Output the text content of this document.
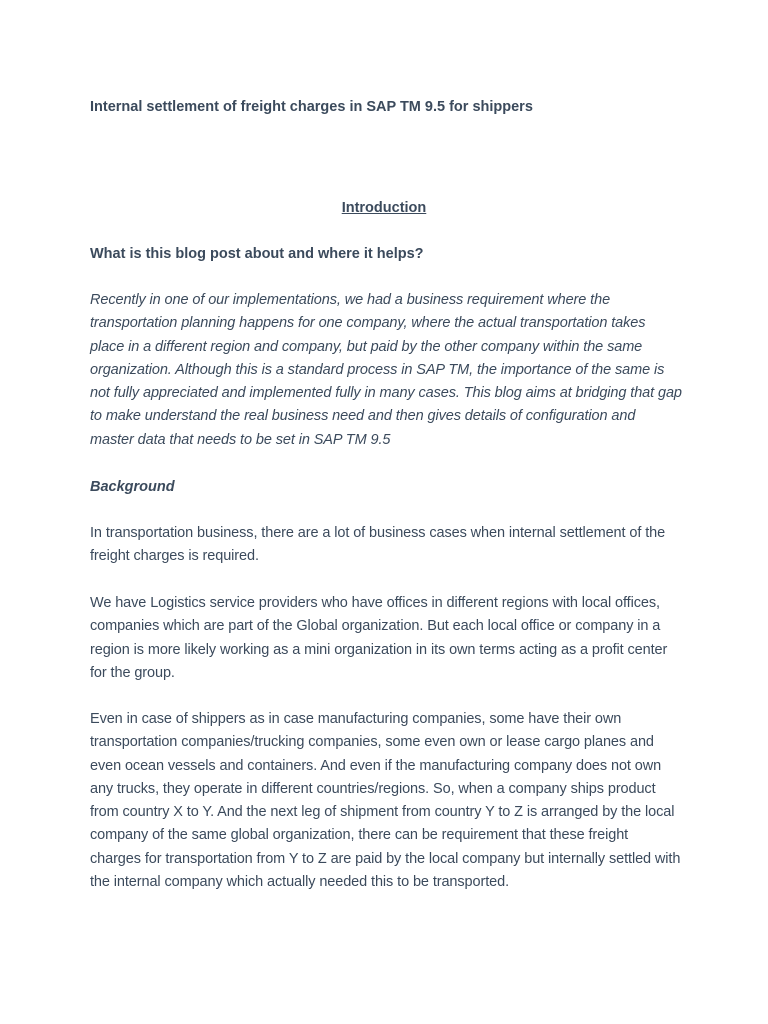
Internal settlement of freight charges in SAP TM 9.5 for shippers
Introduction
What is this blog post about and where it helps?

Recently in one of our implementations, we had a business requirement where the transportation planning happens for one company, where the actual transportation takes place in a different region and company, but paid by the other company within the same organization. Although this is a standard process in SAP TM, the importance of the same is not fully appreciated and implemented fully in many cases. This blog aims at bridging that gap to make understand the real business need and then gives details of configuration and master data that needs to be set in SAP TM 9.5

Background

In transportation business, there are a lot of business cases when internal settlement of the freight charges is required.

We have Logistics service providers who have offices in different regions with local offices, companies which are part of the Global organization. But each local office or company in a region is more likely working as a mini organization in its own terms acting as a profit center for the group.

Even in case of shippers as in case manufacturing companies, some have their own transportation companies/trucking companies, some even own or lease cargo planes and even ocean vessels and containers. And even if the manufacturing company does not own any trucks, they operate in different countries/regions. So, when a company ships product from country X to Y. And the next leg of shipment from country Y to Z is arranged by the local company of the same global organization, there can be requirement that these freight charges for transportation from Y to Z are paid by the local company but internally settled with the internal company which actually needed this to be transported.
